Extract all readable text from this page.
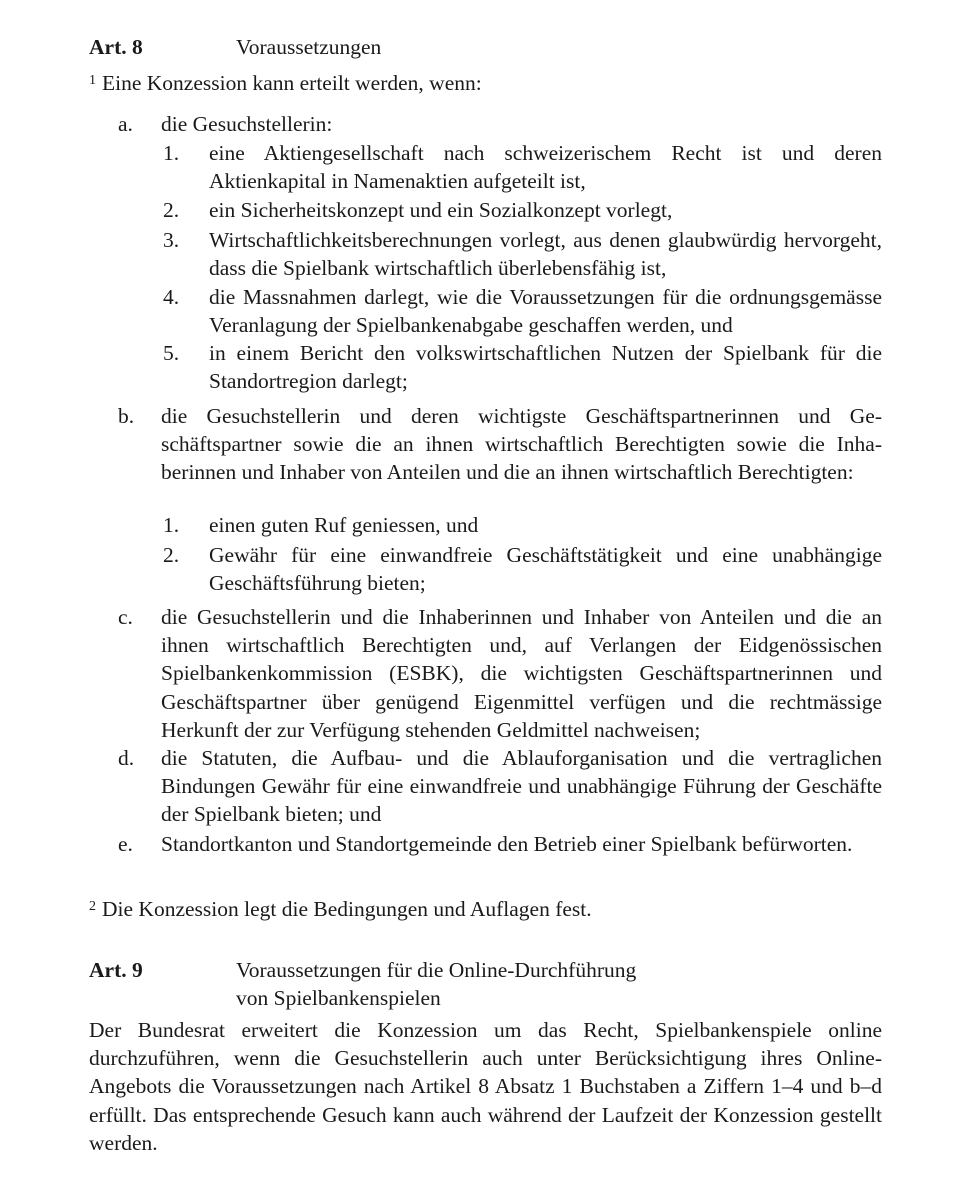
Art. 8	Voraussetzungen
$^1$ Eine Konzession kann erteilt werden, wenn:
a. die Gesuchstellerin:
1. eine Aktiengesellschaft nach schweizerischem Recht ist und deren Aktienkapital in Namenaktien aufgeteilt ist,
2. ein Sicherheitskonzept und ein Sozialkonzept vorlegt,
3. Wirtschaftlichkeitsberechnungen vorlegt, aus denen glaubwürdig hervorgeht, dass die Spielbank wirtschaftlich überlebensfähig ist,
4. die Massnahmen darlegt, wie die Voraussetzungen für die ordnungsgemässe Veranlagung der Spielbankenabgabe geschaffen werden, und
5. in einem Bericht den volkswirtschaftlichen Nutzen der Spielbank für die Standortregion darlegt;
b. die Gesuchstellerin und deren wichtigste Geschäftspartnerinnen und Geschäftspartner sowie die an ihnen wirtschaftlich Berechtigten sowie die Inhaberinnen und Inhaber von Anteilen und die an ihnen wirtschaftlich Berechtigten:
1. einen guten Ruf geniessen, und
2. Gewähr für eine einwandfreie Geschäftstätigkeit und eine unabhängige Geschäftsführung bieten;
c. die Gesuchstellerin und die Inhaberinnen und Inhaber von Anteilen und die an ihnen wirtschaftlich Berechtigten und, auf Verlangen der Eidgenössischen Spielbankenkommission (ESBK), die wichtigsten Geschäftspartnerinnen und Geschäftspartner über genügend Eigenmittel verfügen und die rechtmässige Herkunft der zur Verfügung stehenden Geldmittel nachweisen;
d. die Statuten, die Aufbau- und die Ablauforganisation und die vertraglichen Bindungen Gewähr für eine einwandfreie und unabhängige Führung der Geschäfte der Spielbank bieten; und
e. Standortkanton und Standortgemeinde den Betrieb einer Spielbank befürworten.
$^2$ Die Konzession legt die Bedingungen und Auflagen fest.
Art. 9	Voraussetzungen für die Online-Durchführung
von Spielbankenspielen
Der Bundesrat erweitert die Konzession um das Recht, Spielbankenspiele online durchzuführen, wenn die Gesuchstellerin auch unter Berücksichtigung ihres Online-Angebots die Voraussetzungen nach Artikel 8 Absatz 1 Buchstaben a Ziffern 1–4 und b–d erfüllt. Das entsprechende Gesuch kann auch während der Laufzeit der Konzession gestellt werden.
